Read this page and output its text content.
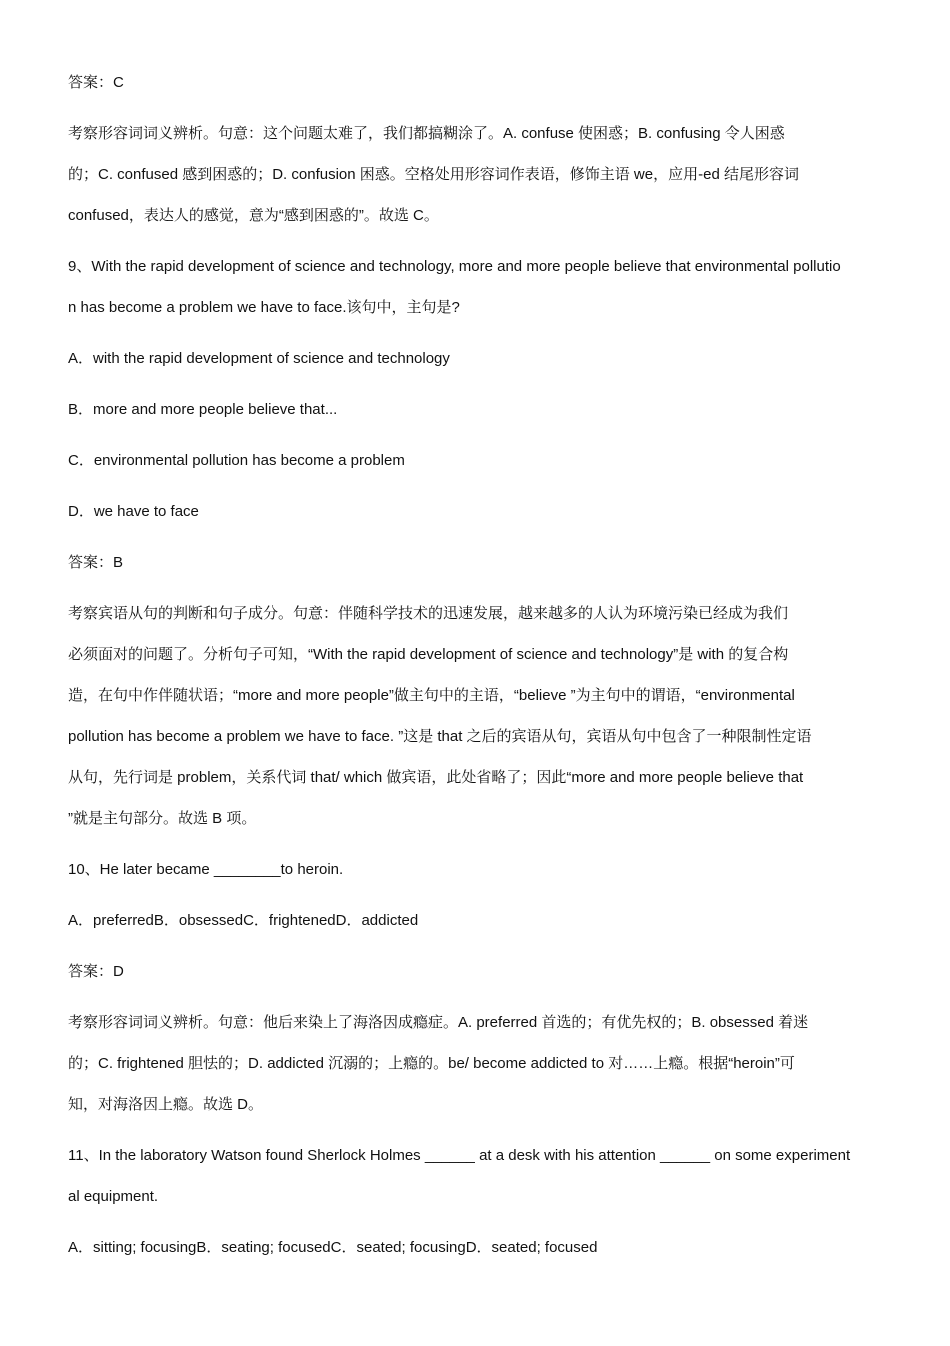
答案：C
考察形容词词义辨析。句意：这个问题太难了，我们都搞糊涂了。A. confuse 使困惑；B. confusing 令人困惑
的；C. confused 感到困惑的；D. confusion 困惑。空格处用形容词作表语，修饰主语 we，应用-ed 结尾形容词
confused，表达人的感觉，意为“感到困惑的”。故选 C。
9、With the rapid development of science and technology, more and more people believe that environmental pollutio
n has become a problem we have to face.该句中，主句是?
A．with the rapid development of science and technology
B．more and more people believe that...
C．environmental pollution has become a problem
D．we have to face
答案：B
考察宾语从句的判断和句子成分。句意：伴随科学技术的迅速发展，越来越多的人认为环境污染已经成为我们
必须面对的问题了。分析句子可知，“With the rapid development of science and technology”是 with 的复合构
造，在句中作伴随状语；“more and more people”做主句中的主语，“believe ”为主句中的谓语，“environmental
pollution has become a problem we have to face. ”这是 that 之后的宾语从句，宾语从句中包含了一种限制性定语
从句，先行词是 problem，关系代词 that/ which 做宾语，此处省略了；因此“more and more people believe that
”就是主句部分。故选 B 项。
10、He later became ________to heroin.
A．preferredB．obsessedC．frightenedD．addicted
答案：D
考察形容词词义辨析。句意：他后来染上了海洛因成瘾症。A. preferred 首选的；有优先权的；B. obsessed 着迷
的；C. frightened 胆怯的；D. addicted 沉溺的；上瘾的。be/ become addicted to 对……上瘾。根据“heroin”可
知，对海洛因上瘾。故选 D。
11、In the laboratory Watson found Sherlock Holmes ______ at a desk with his attention ______ on some experiment
al equipment.
A．sitting; focusingB．seating; focusedC．seated; focusingD．seated; focused
